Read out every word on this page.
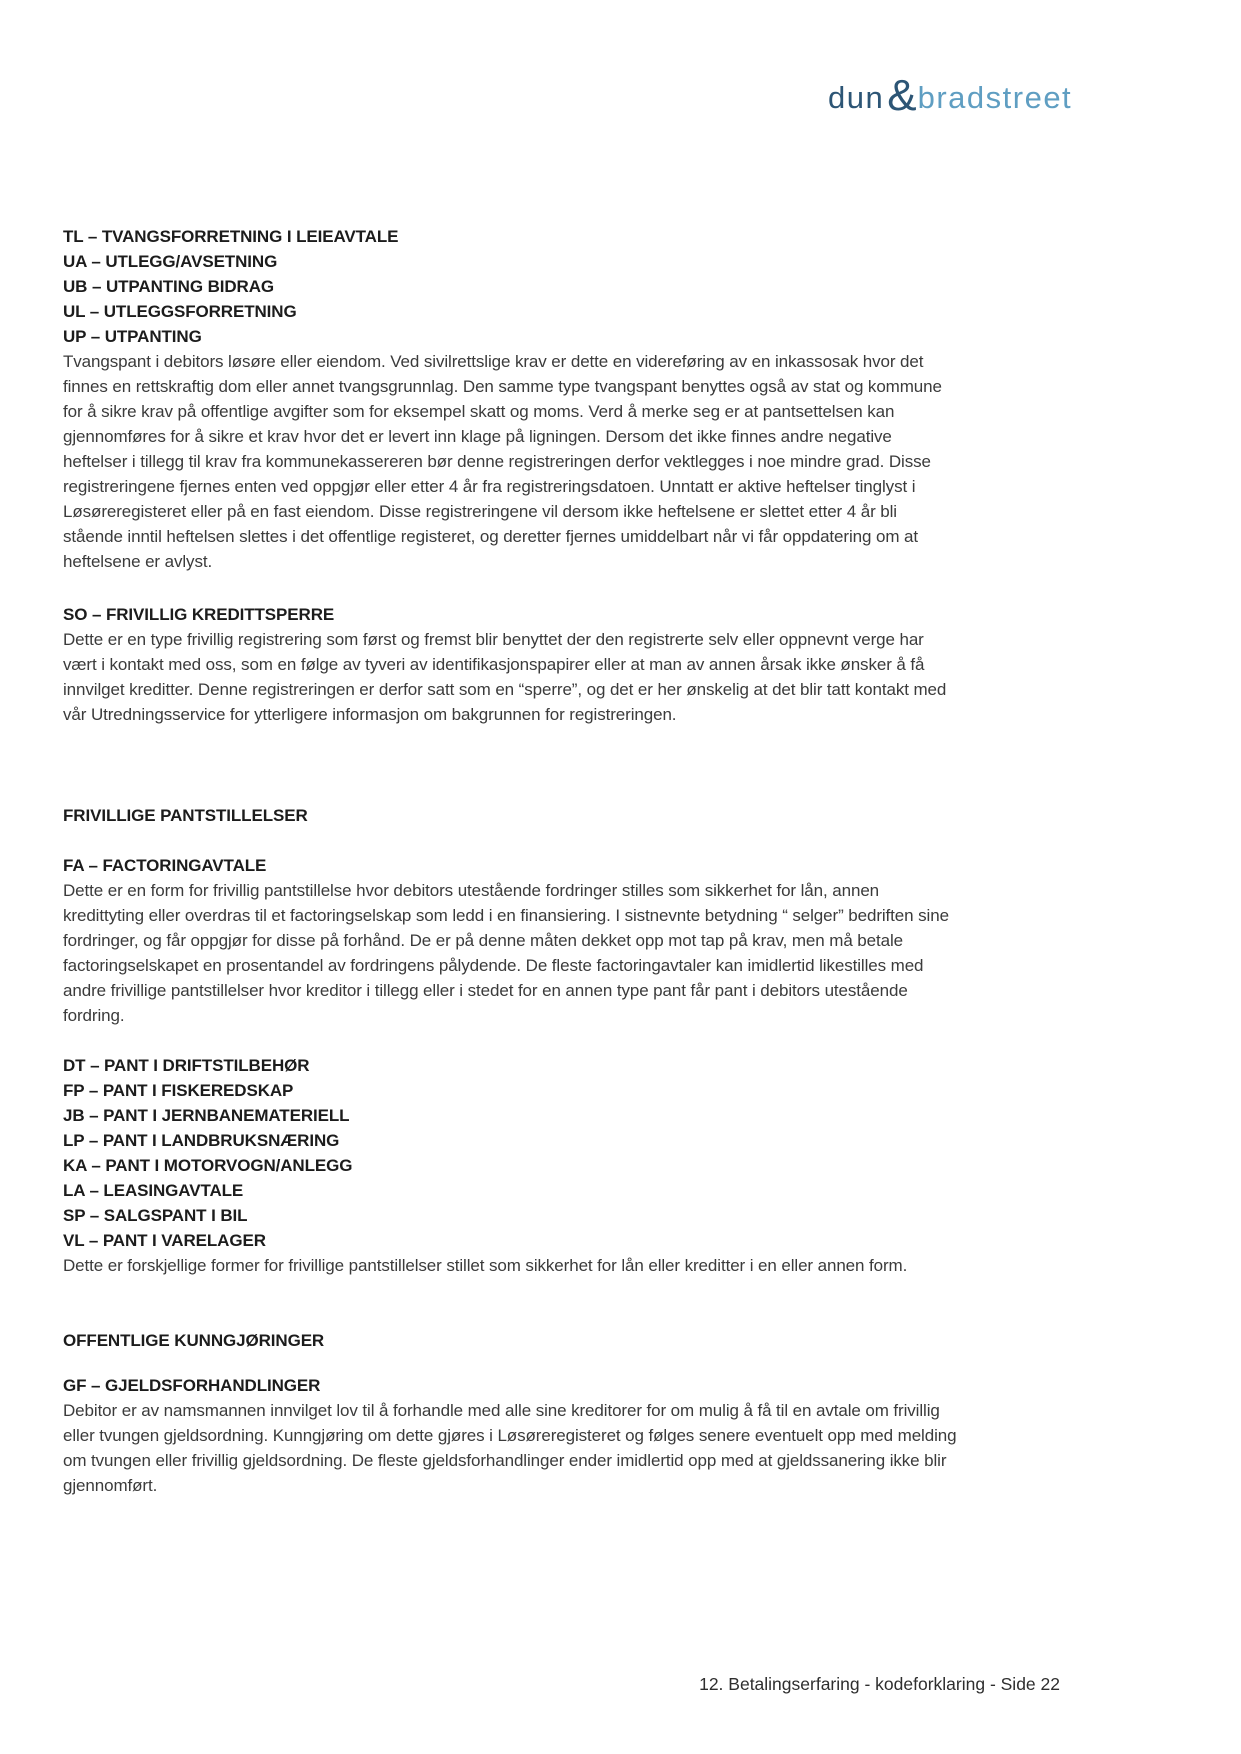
dun & bradstreet
TL – TVANGSFORRETNING I LEIEAVTALE
UA – UTLEGG/AVSETNING
UB – UTPANTING BIDRAG
UL – UTLEGGSFORRETNING
UP – UTPANTING

Tvangspant i debitors løsøre eller eiendom. Ved sivilrettslige krav er dette en videreføring av en inkassosak hvor det finnes en rettskraftig dom eller annet tvangsgrunnlag. Den samme type tvangspant benyttes også av stat og kommune for å sikre krav på offentlige avgifter som for eksempel skatt og moms. Verd å merke seg er at pantsettelsen kan gjennomføres for å sikre et krav hvor det er levert inn klage på ligningen. Dersom det ikke finnes andre negative heftelser i tillegg til krav fra kommunekassereren bør denne registreringen derfor vektlegges i noe mindre grad. Disse registreringene fjernes enten ved oppgjør eller etter 4 år fra registreringsdatoen. Unntatt er aktive heftelser tinglyst i Løsøreregisteret eller på en fast eiendom. Disse registreringene vil dersom ikke heftelsene er slettet etter 4 år bli stående inntil heftelsen slettes i det offentlige registeret, og deretter fjernes umiddelbart når vi får oppdatering om at heftelsene er avlyst.

SO – FRIVILLIG KREDITTSPERRE

Dette er en type frivillig registrering som først og fremst blir benyttet der den registrerte selv eller oppnevnt verge har vært i kontakt med oss, som en følge av tyveri av identifikasjonspapirer eller at man av annen årsak ikke ønsker å få innvilget kreditter. Denne registreringen er derfor satt som en “sperre”, og det er her ønskelig at det blir tatt kontakt med vår Utredningsservice for ytterligere informasjon om bakgrunnen for registreringen.

FRIVILLIGE PANTSTILLELSER
FA – FACTORINGAVTALE

Dette er en form for frivillig pantstillelse hvor debitors utestående fordringer stilles som sikkerhet for lån, annen kredittyting eller overdras til et factoringselskap som ledd i en finansiering. I sistnevnte betydning “ selger” bedriften sine fordringer, og får oppgjør for disse på forhånd. De er på denne måten dekket opp mot tap på krav, men må betale factoringselskapet en prosentandel av fordringens pålydende. De fleste factoringavtaler kan imidlertid likestilles med andre frivillige pantstillelser hvor kreditor i tillegg eller i stedet for en annen type pant får pant i debitors utestående fordring.

DT – PANT I DRIFTSTILBEHØR
FP – PANT I FISKEREDSKAP
JB – PANT I JERNBANEMATERIELL
LP – PANT I LANDBRUKSNÆRING
KA – PANT I MOTORVOGN/ANLEGG
LA – LEASINGAVTALE
SP – SALGSPANT I BIL
VL – PANT I VARELAGER

Dette er forskjellige former for frivillige pantstillelser stillet som sikkerhet for lån eller kreditter i en eller annen form.

OFFENTLIGE KUNNGJØRINGER
GF – GJELDSFORHANDLINGER

Debitor er av namsmannen innvilget lov til å forhandle med alle sine kreditorer for om mulig å få til en avtale om frivillig eller tvungen gjeldsordning. Kunngjøring om dette gjøres i Løsøreregisteret og følges senere eventuelt opp med melding om tvungen eller frivillig gjeldsordning. De fleste gjeldsforhandlinger ender imidlertid opp med at gjeldssanering ikke blir gjennomført.

12. Betalingserfaring - kodeforklaring - Side 22
